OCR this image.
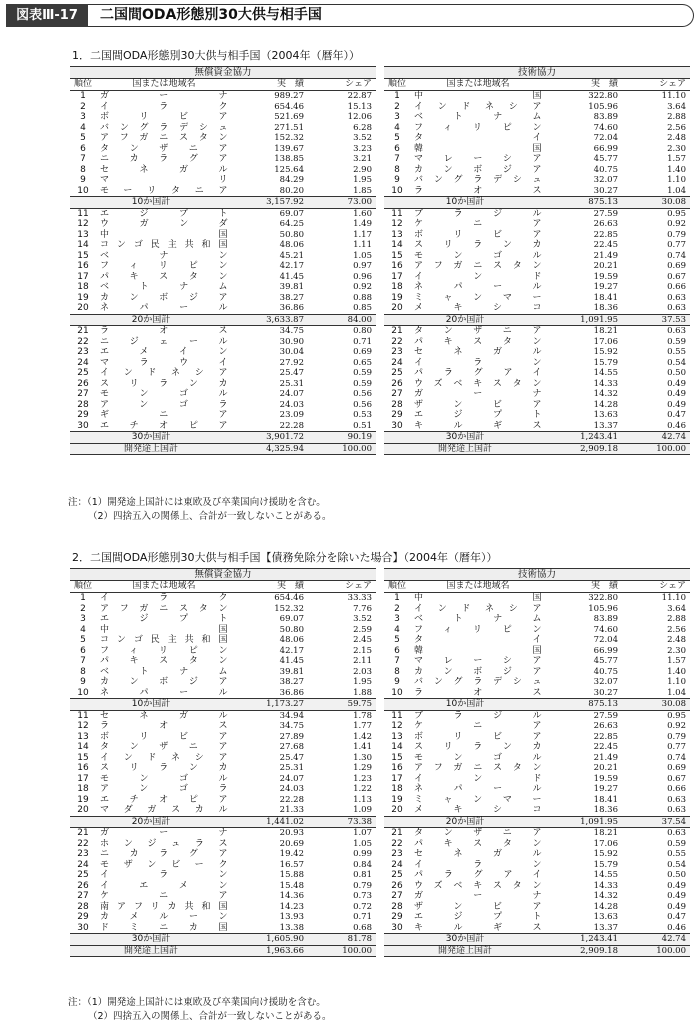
図表Ⅲ-17	二国間ODA形態別30大供与相手国
1．二国間ODA形態別30大供与相手国（2004年（暦年））
無償資金協力
順位	国または地域名	実　績	シェア
1	ガーナ	989.27	22.87
2	イラク	654.46	15.13
3	ボリビア	521.69	12.06
4	バングラデシュ	271.51	6.28
5	アフガニスタン	152.32	3.52
6	タンザニア	139.67	3.23
7	ニカラグア	138.85	3.21
8	セネガル	125.64	2.90
9	マリ	84.29	1.95
10	モーリタニア	80.20	1.85
10か国計	3,157.92	73.00
11	エジプト	69.07	1.60
12	ウガンダ	64.25	1.49
13	中国	50.80	1.17
14	コンゴ民主共和国	48.06	1.11
15	ベナン	45.21	1.05
16	フィリピン	42.17	0.97
17	パキスタン	41.45	0.96
18	ベトナム	39.81	0.92
19	カンボジア	38.27	0.88
20	ネパール	36.86	0.85
20か国計	3,633.87	84.00
21	ラオス	34.75	0.80
22	ニジェール	30.90	0.71
23	エメイン	30.04	0.69
24	マラウイ	27.92	0.65
25	インドネシア	25.47	0.59
26	スリランカ	25.31	0.59
27	モンゴル	24.07	0.56
28	アンゴラ	24.03	0.56
29	ギニア	23.09	0.53
30	エチオピア	22.28	0.51
30か国計	3,901.72	90.19
開発途上国計	4,325.94	100.00
技術協力
順位	国または地域名	実　績	シェア
1	中国	322.80	11.10
2	インドネシア	105.96	3.64
3	ベトナム	83.89	2.88
4	フィリピン	74.60	2.56
5	タイ	72.04	2.48
6	韓国	66.99	2.30
7	マレーシア	45.77	1.57
8	カンボジア	40.75	1.40
9	バングラデシュ	32.07	1.10
10	ラオス	30.27	1.04
10か国計	875.13	30.08
11	ブラジル	27.59	0.95
12	ケニア	26.63	0.92
13	ボリビア	22.85	0.79
14	スリランカ	22.45	0.77
15	モンゴル	21.49	0.74
16	アフガニスタン	20.21	0.69
17	インド	19.59	0.67
18	ネパール	19.27	0.66
19	ミャンマー	18.41	0.63
20	メキシコ	18.36	0.63
20か国計	1,091.95	37.53
21	タンザニア	18.21	0.63
22	パキスタン	17.06	0.59
23	セネガル	15.92	0.55
24	イラン	15.79	0.54
25	パラグアイ	14.55	0.50
26	ウズベキスタン	14.33	0.49
27	ガーナ	14.32	0.49
28	ザンビア	14.28	0.49
29	エジプト	13.63	0.47
30	キルギス	13.37	0.46
30か国計	1,243.41	42.74
開発途上国計	2,909.18	100.00
注：（1）開発途上国計には東欧及び卒業国向け援助を含む。
（2）四捨五入の関係上、合計が一致しないことがある。
2．二国間ODA形態別30大供与相手国【債務免除分を除いた場合】（2004年（暦年））
無償資金協力
順位	国または地域名	実　績	シェア
1	イラク	654.46	33.33
2	アフガニスタン	152.32	7.76
3	エジプト	69.07	3.52
4	中国	50.80	2.59
5	コンゴ民主共和国	48.06	2.45
6	フィリピン	42.17	2.15
7	パキスタン	41.45	2.11
8	ベトナム	39.81	2.03
9	カンボジア	38.27	1.95
10	ネパール	36.86	1.88
10か国計	1,173.27	59.75
11	セネガル	34.94	1.78
12	ラオス	34.75	1.77
13	ボリビア	27.89	1.42
14	タンザニア	27.68	1.41
15	インドネシア	25.47	1.30
16	スリランカ	25.31	1.29
17	モンゴル	24.07	1.23
18	アンゴラ	24.03	1.22
19	エチオピア	22.28	1.13
20	マダガスカル	21.33	1.09
20か国計	1,441.02	73.38
21	ガーナ	20.93	1.07
22	ホンジュラス	20.69	1.05
23	ニカラグア	19.42	0.99
24	モザンビーク	16.57	0.84
25	イラン	15.88	0.81
26	イエメン	15.48	0.79
27	ケニア	14.36	0.73
28	南アフリカ共和国	14.23	0.72
29	カメルーン	13.93	0.71
30	ドミニカ国	13.38	0.68
30か国計	1,605.90	81.78
開発途上国計	1,963.66	100.00
技術協力
順位	国または地域名	実　績	シェア
1	中国	322.80	11.10
2	インドネシア	105.96	3.64
3	ベトナム	83.89	2.88
4	フィリピン	74.60	2.56
5	タイ	72.04	2.48
6	韓国	66.99	2.30
7	マレーシア	45.77	1.57
8	カンボジア	40.75	1.40
9	バングラデシュ	32.07	1.10
10	ラオス	30.27	1.04
10か国計	875.13	30.08
11	ブラジル	27.59	0.95
12	ケニア	26.63	0.92
13	ボリビア	22.85	0.79
14	スリランカ	22.45	0.77
15	モンゴル	21.49	0.74
16	アフガニスタン	20.21	0.69
17	インド	19.59	0.67
18	ネパール	19.27	0.66
19	ミャンマー	18.41	0.63
20	メキシコ	18.36	0.63
20か国計	1,091.95	37.54
21	タンザニア	18.21	0.63
22	パキスタン	17.06	0.59
23	セネガル	15.92	0.55
24	イラン	15.79	0.54
25	パラグアイ	14.55	0.50
26	ウズベキスタン	14.33	0.49
27	ガーナ	14.32	0.49
28	ザンビア	14.28	0.49
29	エジプト	13.63	0.47
30	キルギス	13.37	0.46
30か国計	1,243.41	42.74
開発途上国計	2,909.18	100.00
注：（1）開発途上国計には東欧及び卒業国向け援助を含む。
（2）四捨五入の関係上、合計が一致しないことがある。
